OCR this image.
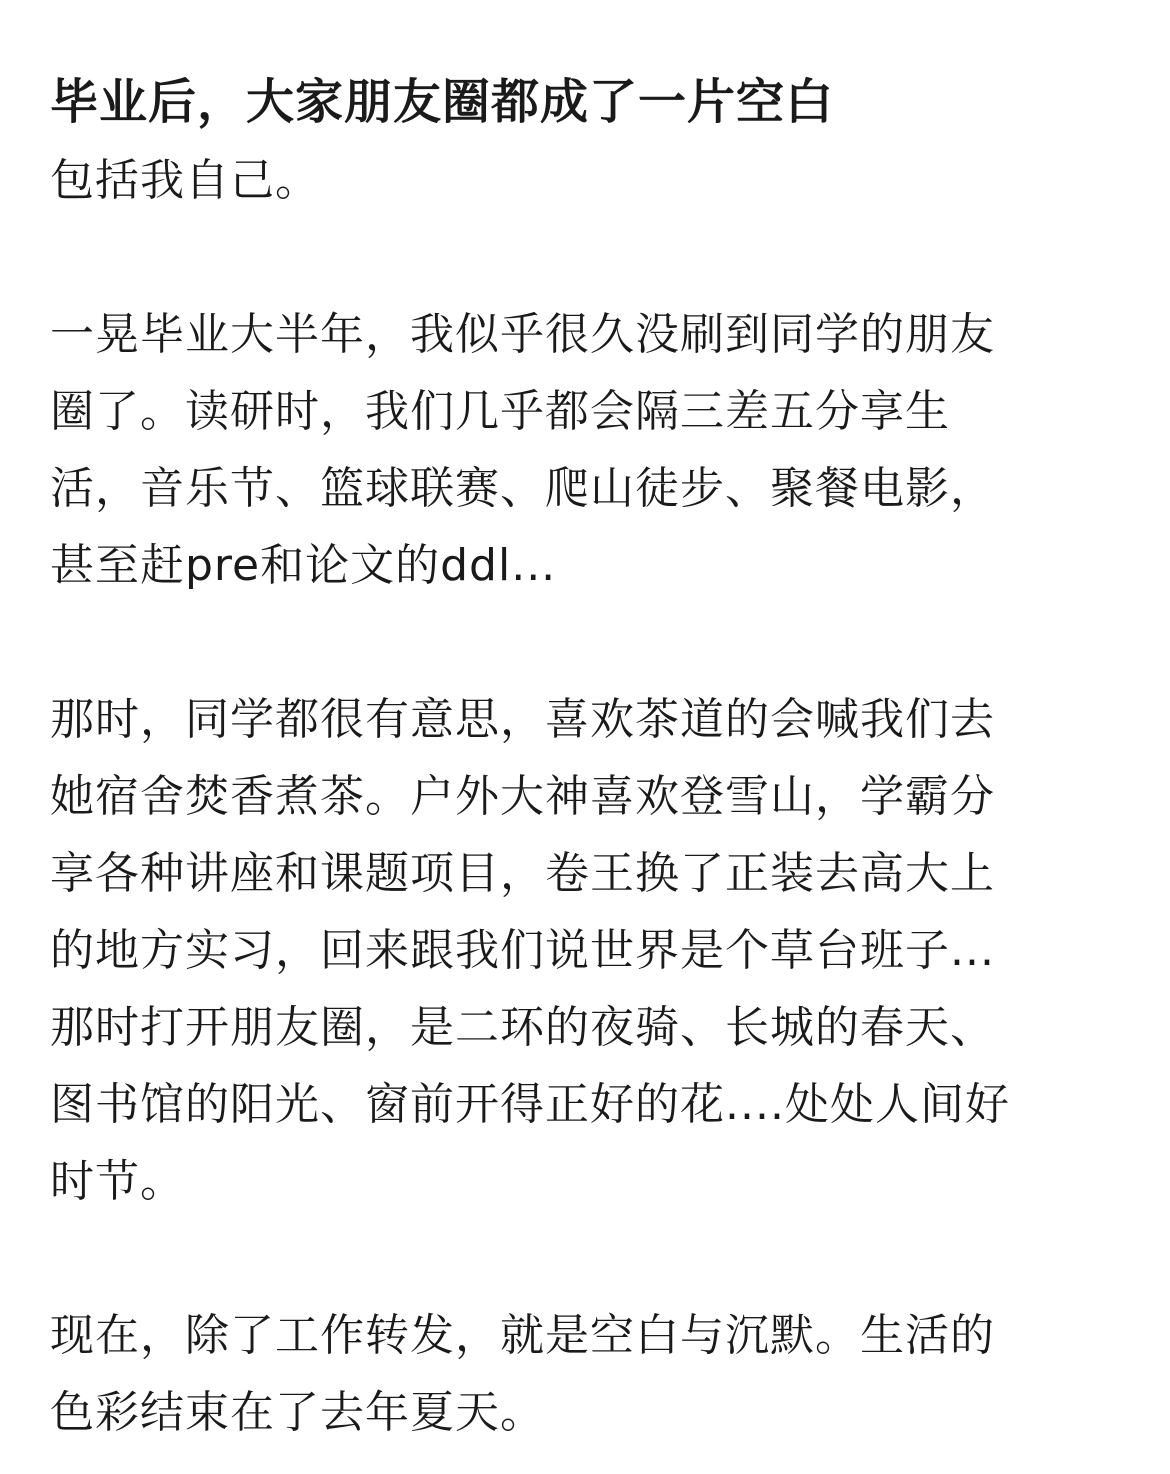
毕业后，大家朋友圈都成了一片空白

包括我自己。

一晃毕业大半年，我似乎很久没刷到同学的朋友
圈了。读研时，我们几乎都会隔三差五分享生
活，音乐节、篮球联赛、爬山徒步、聚餐电影，
甚至赶pre和论文的ddl...

那时，同学都很有意思，喜欢茶道的会喊我们去
她宿舍焚香煮茶。户外大神喜欢登雪山，学霸分
享各种讲座和课题项目，卷王换了正装去高大上
的地方实习，回来跟我们说世界是个草台班子...
那时打开朋友圈，是二环的夜骑、长城的春天、
图书馆的阳光、窗前开得正好的花....处处人间好
时节。

现在，除了工作转发，就是空白与沉默。生活的
色彩结束在了去年夏天。
